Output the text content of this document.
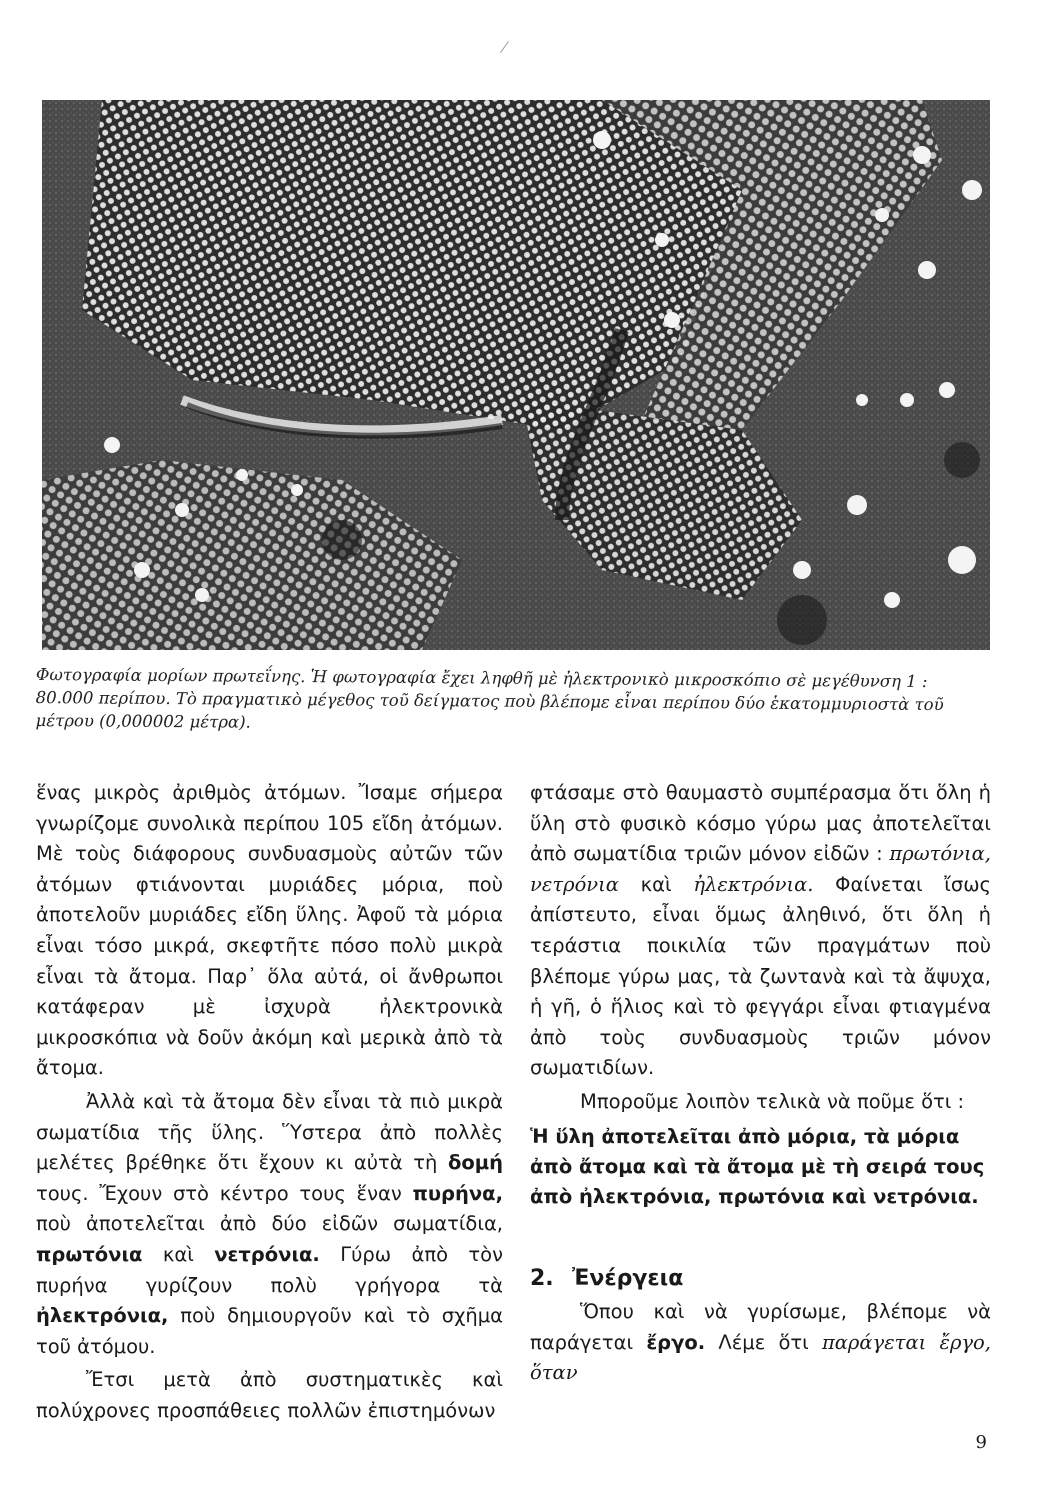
Φωτογραφία μορίων πρωτεΐνης. Ἡ φωτογραφία ἔχει ληφθῆ μὲ ἠλεκτρονικὸ μικροσκόπιο σὲ μεγέθυνση 1 : 80.000 περίπου. Τὸ πραγματικὸ μέγεθος τοῦ δείγματος ποὺ βλέπομε εἶναι περίπου δύο ἑκατομμυριοστὰ τοῦ μέτρου (0,000002 μέτρα).

ἕνας μικρὸς ἀριθμὸς ἀτόμων. Ἴσαμε σήμερα γνωρίζομε συνολικὰ περίπου 105 εἴδη ἀτόμων. Μὲ τοὺς διάφορους συνδυασμοὺς αὐτῶν τῶν ἀτόμων φτιάνονται μυριάδες μόρια, ποὺ ἀποτελοῦν μυριάδες εἴδη ὕλης. Ἀφοῦ τὰ μόρια εἶναι τόσο μικρά, σκεφτῆτε πόσο πολὺ μικρὰ εἶναι τὰ ἄτομα. Παρ᾿ ὅλα αὐτά, οἱ ἄνθρωποι κατάφεραν μὲ ἰσχυρὰ ἠλεκτρονικὰ μικροσκόπια νὰ δοῦν ἀκόμη καὶ μερικὰ ἀπὸ τὰ ἄτομα.

Ἀλλὰ καὶ τὰ ἄτομα δὲν εἶναι τὰ πιὸ μικρὰ σωματίδια τῆς ὕλης. Ὕστερα ἀπὸ πολλὲς μελέτες βρέθηκε ὅτι ἔχουν κι αὐτὰ τὴ δομή τους. Ἔχουν στὸ κέντρο τους ἕναν πυρήνα, ποὺ ἀποτελεῖται ἀπὸ δύο εἰδῶν σωματίδια, πρωτόνια καὶ νετρόνια. Γύρω ἀπὸ τὸν πυρήνα γυρίζουν πολὺ γρήγορα τὰ ἠλεκτρόνια, ποὺ δημιουργοῦν καὶ τὸ σχῆμα τοῦ ἀτόμου.

Ἔτσι μετὰ ἀπὸ συστηματικὲς καὶ πολύχρονες προσπάθειες πολλῶν ἐπιστημόνων

φτάσαμε στὸ θαυμαστὸ συμπέρασμα ὅτι ὅλη ἡ ὕλη στὸ φυσικὸ κόσμο γύρω μας ἀποτελεῖται ἀπὸ σωματίδια τριῶν μόνον εἰδῶν : πρωτόνια, νετρόνια καὶ ἠλεκτρόνια. Φαίνεται ἴσως ἀπίστευτο, εἶναι ὅμως ἀληθινό, ὅτι ὅλη ἡ τεράστια ποικιλία τῶν πραγμάτων ποὺ βλέπομε γύρω μας, τὰ ζωντανὰ καὶ τὰ ἄψυχα, ἡ γῆ, ὁ ἥλιος καὶ τὸ φεγγάρι εἶναι φτιαγμένα ἀπὸ τοὺς συνδυασμοὺς τριῶν μόνον σωματιδίων.

Μποροῦμε λοιπὸν τελικὰ νὰ ποῦμε ὅτι :

Ἡ ὕλη ἀποτελεῖται ἀπὸ μόρια, τὰ μόρια ἀπὸ ἄτομα καὶ τὰ ἄτομα μὲ τὴ σειρά τους ἀπὸ ἠλεκτρόνια, πρωτόνια καὶ νετρόνια.

2. Ἐνέργεια

Ὅπου καὶ νὰ γυρίσωμε, βλέπομε νὰ παράγεται ἔργο. Λέμε ὅτι παράγεται ἔργο, ὅταν

9
